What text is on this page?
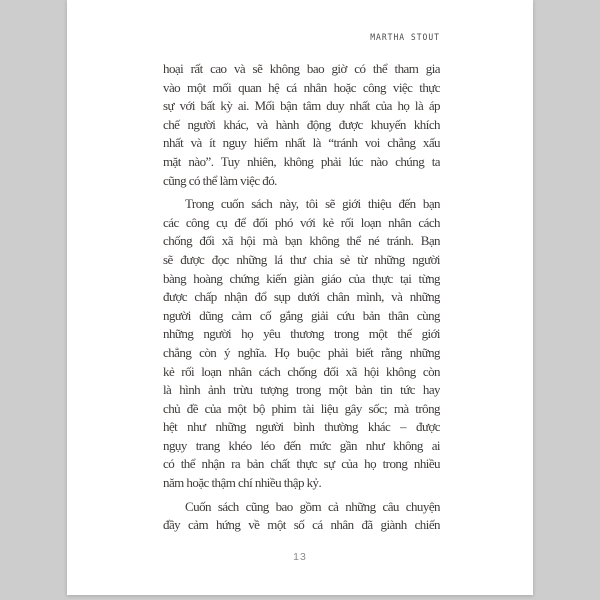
MARTHA STOUT
hoại rất cao và sẽ không bao giờ có thể tham gia
vào một mối quan hệ cá nhân hoặc công việc thực
sự với bất kỳ ai. Mối bận tâm duy nhất của họ là áp
chế người khác, và hành động được khuyến khích
nhất và ít nguy hiểm nhất là “tránh voi chẳng xấu
mặt nào”. Tuy nhiên, không phải lúc nào chúng ta
cũng có thể làm việc đó.
Trong cuốn sách này, tôi sẽ giới thiệu đến bạn
các công cụ để đối phó với kẻ rối loạn nhân cách
chống đối xã hội mà bạn không thể né tránh. Bạn
sẽ được đọc những lá thư chia sẻ từ những người
bàng hoàng chứng kiến giàn giáo của thực tại từng
được chấp nhận đổ sụp dưới chân mình, và những
người dũng cảm cố gắng giải cứu bản thân cùng
những người họ yêu thương trong một thế giới
chẳng còn ý nghĩa. Họ buộc phải biết rằng những
kẻ rối loạn nhân cách chống đối xã hội không còn
là hình ảnh trừu tượng trong một bản tin tức hay
chủ đề của một bộ phim tài liệu gây sốc; mà trông
hệt như những người bình thường khác – được
ngụy trang khéo léo đến mức gần như không ai
có thể nhận ra bản chất thực sự của họ trong nhiều
năm hoặc thậm chí nhiều thập kỷ.
Cuốn sách cũng bao gồm cả những câu chuyện
đầy cảm hứng về một số cá nhân đã giành chiến
13
